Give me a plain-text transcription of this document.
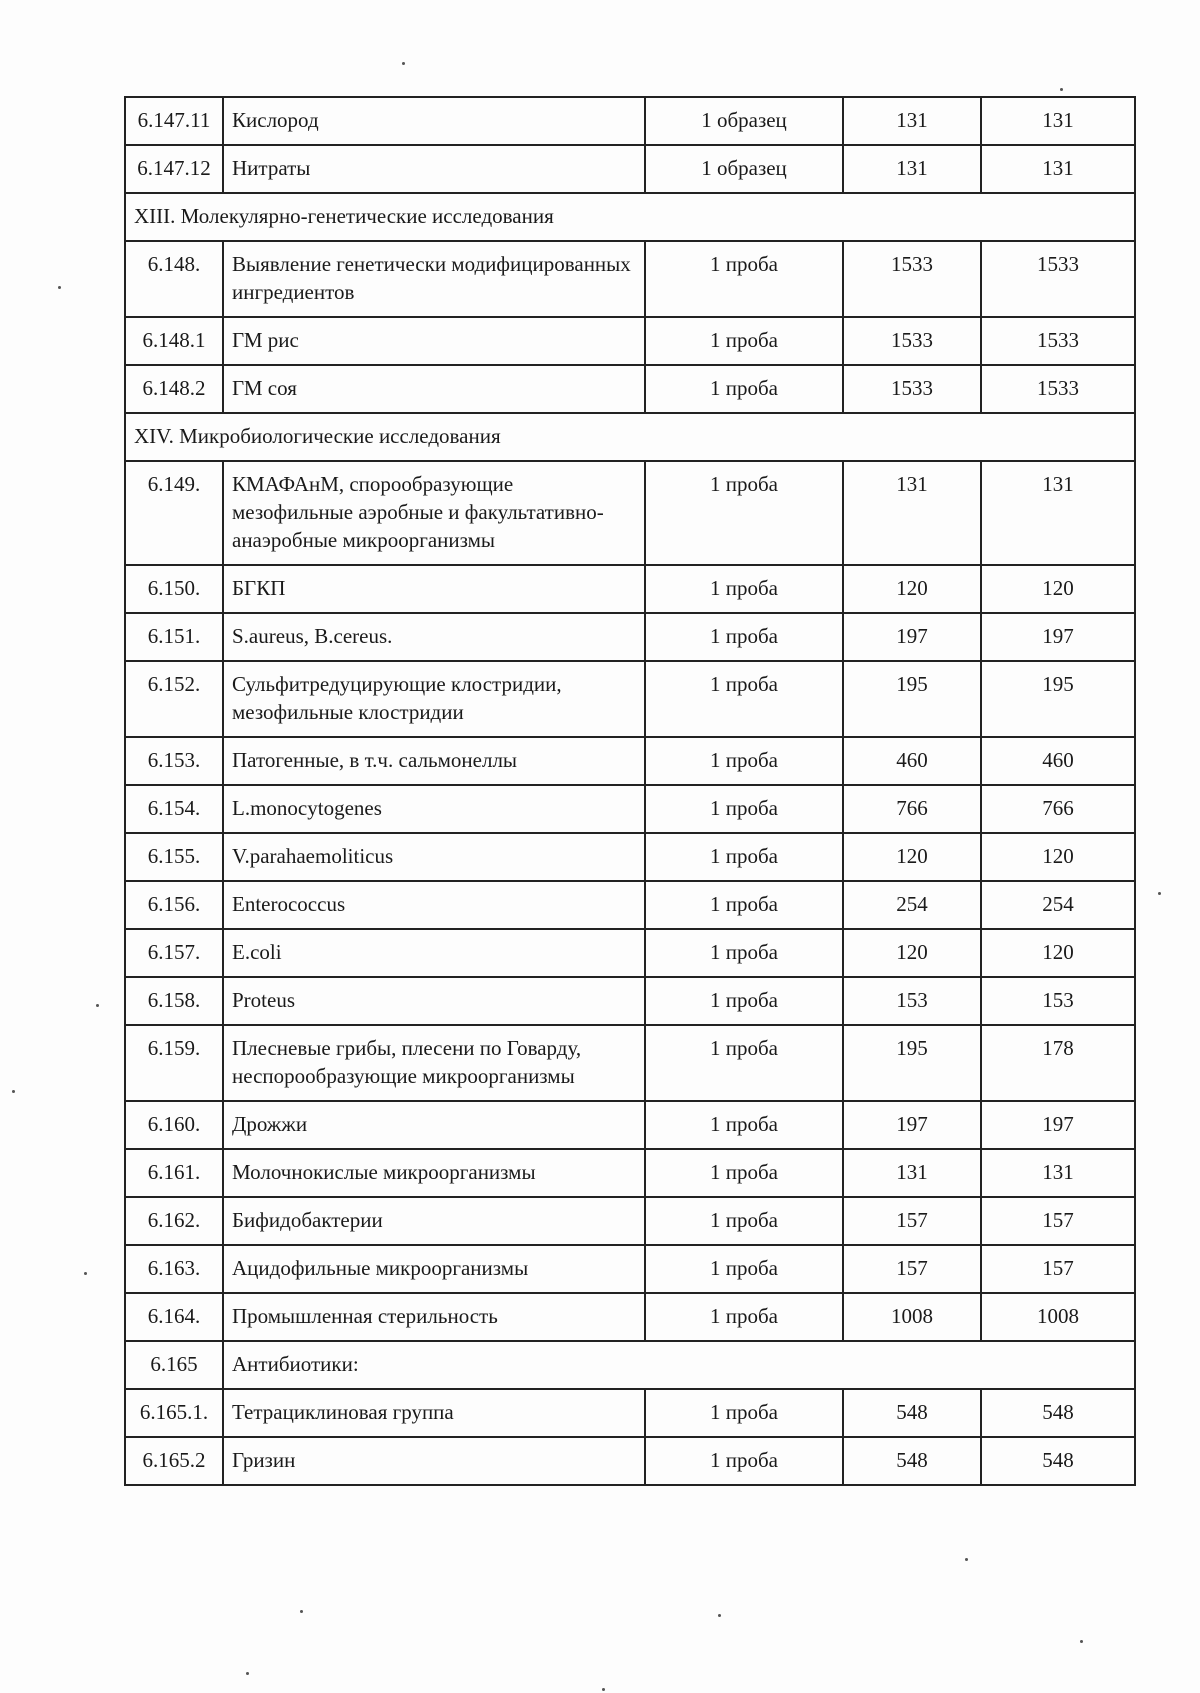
6.147.11	Кислород	1 образец	131	131
6.147.12	Нитраты	1 образец	131	131
XIII. Молекулярно-генетические исследования				
6.148.	Выявление генетически модифицированных ингредиентов	1 проба	1533	1533
6.148.1	ГМ рис	1 проба	1533	1533
6.148.2	ГМ соя	1 проба	1533	1533
XIV. Микробиологические исследования				
6.149.	КМАФАнМ, спорообразующие мезофильные аэробные и факультативно-анаэробные микроорганизмы	1 проба	131	131
6.150.	БГКП	1 проба	120	120
6.151.	S.aureus, B.cereus.	1 проба	197	197
6.152.	Сульфитредуцирующие клостридии, мезофильные клостридии	1 проба	195	195
6.153.	Патогенные, в т.ч. сальмонеллы	1 проба	460	460
6.154.	L.monocytogenes	1 проба	766	766
6.155.	V.parahaemoliticus	1 проба	120	120
6.156.	Enterococcus	1 проба	254	254
6.157.	E.coli	1 проба	120	120
6.158.	Proteus	1 проба	153	153
6.159.	Плесневые грибы, плесени по Говарду, неспорообразующие микроорганизмы	1 проба	195	178
6.160.	Дрожжи	1 проба	197	197
6.161.	Молочнокислые микроорганизмы	1 проба	131	131
6.162.	Бифидобактерии	1 проба	157	157
6.163.	Ацидофильные микроорганизмы	1 проба	157	157
6.164.	Промышленная стерильность	1 проба	1008	1008
6.165	Антибиотики:			
6.165.1.	Тетрациклиновая группа	1 проба	548	548
6.165.2	Гризин	1 проба	548	548
